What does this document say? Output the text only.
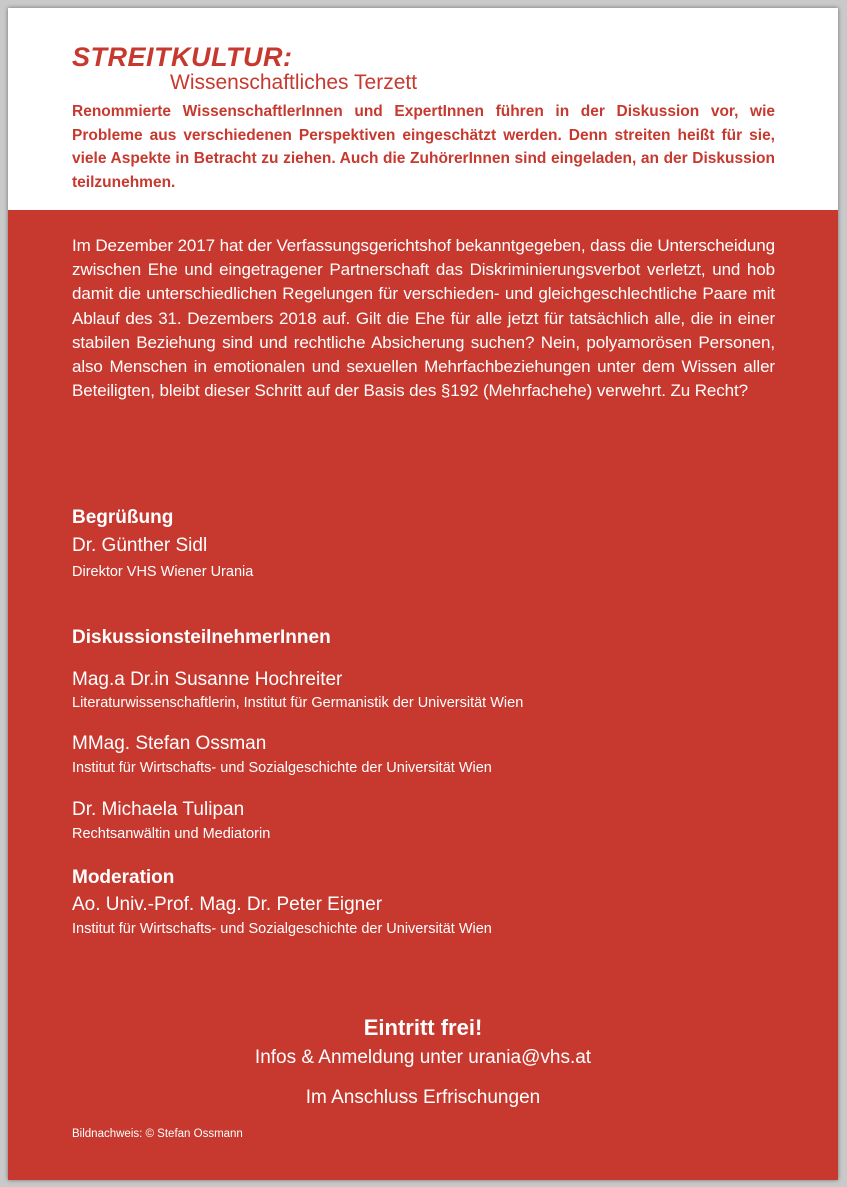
STREITKULTUR:
Wissenschaftliches Terzett

Renommierte WissenschaftlerInnen und ExpertInnen führen in der Diskussion vor, wie Probleme aus verschiedenen Perspektiven eingeschätzt werden. Denn streiten heißt für sie, viele Aspekte in Betracht zu ziehen. Auch die ZuhörerInnen sind eingeladen, an der Diskussion teilzunehmen.

Im Dezember 2017 hat der Verfassungsgerichtshof bekanntgegeben, dass die Unterscheidung zwischen Ehe und eingetragener Partnerschaft das Diskriminierungsverbot verletzt, und hob damit die unterschiedlichen Regelungen für verschieden- und gleichgeschlechtliche Paare mit Ablauf des 31. Dezembers 2018 auf. Gilt die Ehe für alle jetzt für tatsächlich alle, die in einer stabilen Beziehung sind und rechtliche Absicherung suchen? Nein, polyamorösen Personen, also Menschen in emotionalen und sexuellen Mehrfachbeziehungen unter dem Wissen aller Beteiligten, bleibt dieser Schritt auf der Basis des §192 (Mehrfachehe) verwehrt. Zu Recht?

Begrüßung

Dr. Günther Sidl

Direktor VHS Wiener Urania

DiskussionsteilnehmerInnen

Mag.a Dr.in Susanne Hochreiter

Literaturwissenschaftlerin, Institut für Germanistik der Universität Wien

MMag. Stefan Ossman

Institut für Wirtschafts- und Sozialgeschichte der Universität Wien

Dr. Michaela Tulipan

Rechtsanwältin und Mediatorin

Moderation

Ao. Univ.-Prof. Mag. Dr. Peter Eigner

Institut für Wirtschafts- und Sozialgeschichte der Universität Wien

Eintritt frei!

Infos & Anmeldung unter urania@vhs.at

Im Anschluss Erfrischungen

Bildnachweis: © Stefan Ossmann
